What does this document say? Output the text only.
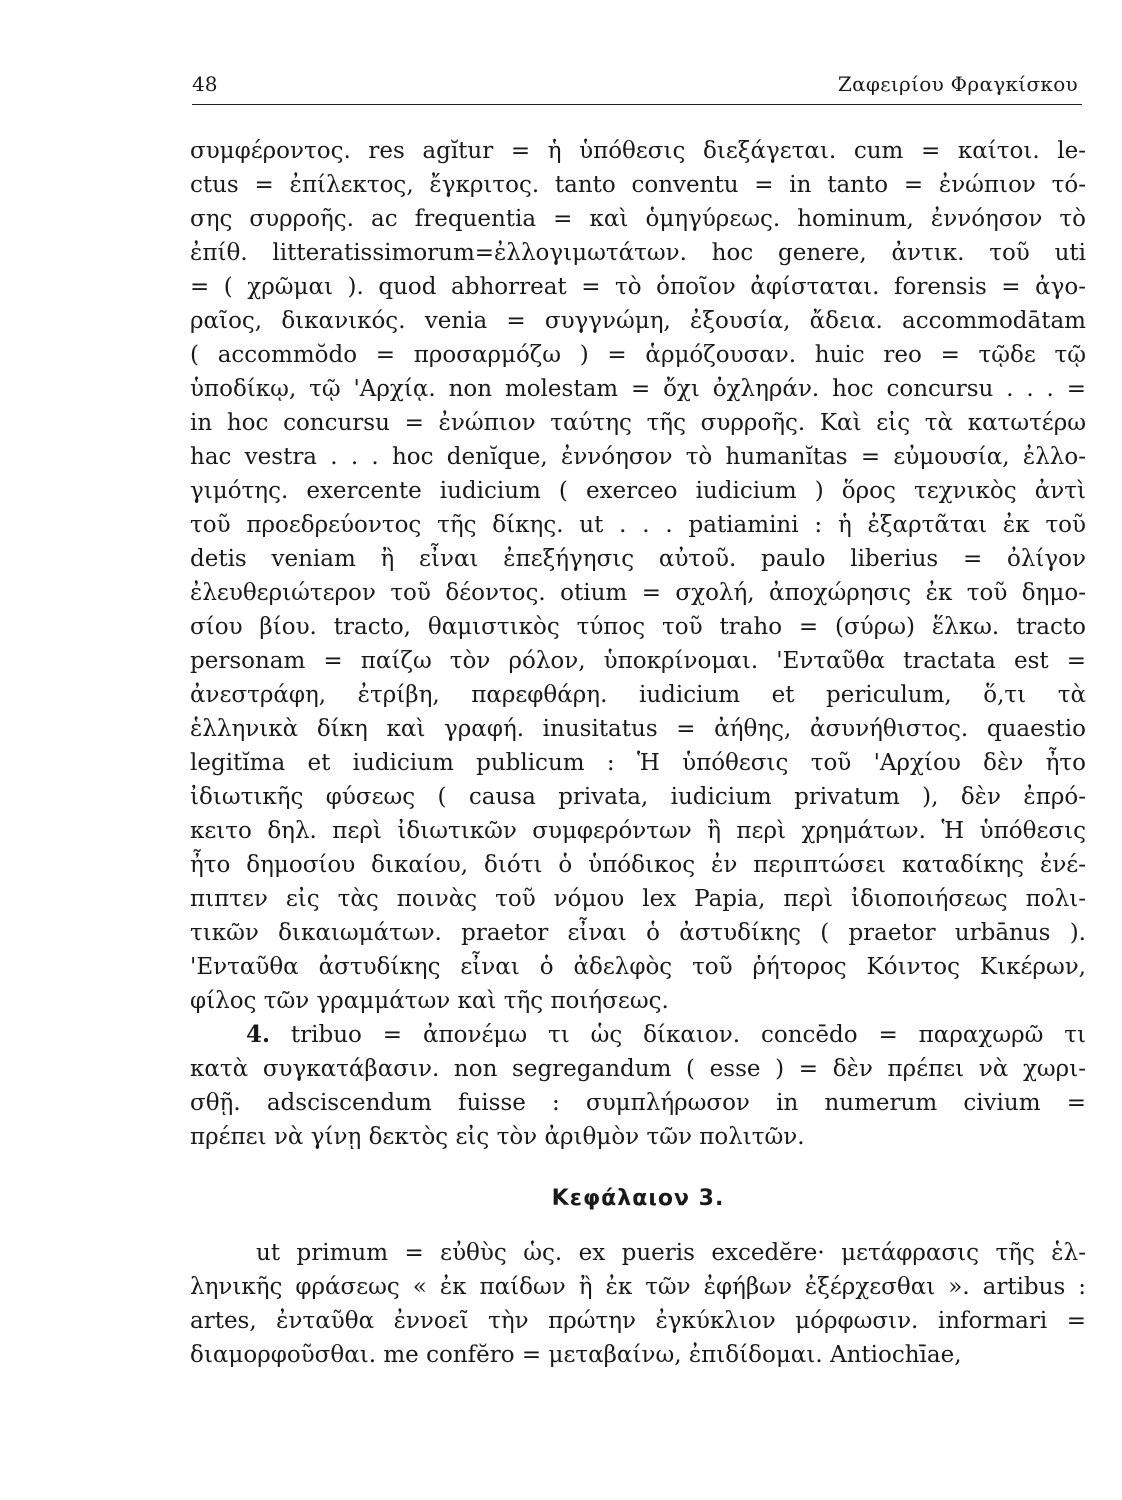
48	Ζαφειρίου Φραγκίσκου
συμφέροντος. res agĭtur = ἡ ὑπόθεσις διεξάγεται. cum = καίτοι. le-
ctus = ἐπίλεκτος, ἔγκριτος. tanto conventu = in tanto = ἐνώπιον τό-
σης συρροῆς. ac frequentia = καὶ ὁμηγύρεως. hominum, ἐννόησον τὸ
ἐπίθ. litteratissimorum=ἐλλογιμωτάτων. hoc genere, ἀντικ. τοῦ uti
= ( χρῶμαι ). quod abhorreat = τὸ ὁποῖον ἀφίσταται. forensis = ἀγο-
ραῖος, δικανικός. venia = συγγνώμη, ἐξουσία, ἄδεια. accommodātam
( accommŏdo = προσαρμόζω ) = ἁρμόζουσαν. huic reo = τῷδε τῷ
ὑποδίκῳ, τῷ 'Αρχίᾳ. non molestam = ὄχι ὀχληράν. hoc concursu . . . =
in hoc concursu = ἐνώπιον ταύτης τῆς συρροῆς. Καὶ εἰς τὰ κατωτέρω
hac vestra . . . hoc denĭque, ἐννόησον τὸ humanĭtas = εὐμουσία, ἐλλο-
γιμότης. exercente iudicium ( exerceo iudicium ) ὅρος τεχνικὸς ἀντὶ
τοῦ προεδρεύοντος τῆς δίκης. ut . . . patiamini : ἡ ἐξαρτᾶται ἐκ τοῦ
detis veniam ἢ εἶναι ἐπεξήγησις αὐτοῦ. paulo liberius = ὀλίγον
ἐλευθεριώτερον τοῦ δέοντος. otium = σχολή, ἀποχώρησις ἐκ τοῦ δημο-
σίου βίου. tracto, θαμιστικὸς τύπος τοῦ traho = (σύρω) ἕλκω. tracto
personam = παίζω τὸν ρόλον, ὑποκρίνομαι. 'Ενταῦθα tractata est =
ἀνεστράφη, ἐτρίβη, παρεφθάρη. iudicium et periculum, ὅ,τι τὰ
ἑλληνικὰ δίκη καὶ γραφή. inusitatus = ἀήθης, ἀσυνήθιστος. quaestio
legitĭma et iudicium publicum : Ἡ ὑπόθεσις τοῦ 'Αρχίου δὲν ἦτο
ἰδιωτικῆς φύσεως ( causa privata, iudicium privatum ), δὲν ἐπρό-
κειτο δηλ. περὶ ἰδιωτικῶν συμφερόντων ἢ περὶ χρημάτων. Ἡ ὑπόθεσις
ἦτο δημοσίου δικαίου, διότι ὁ ὑπόδικος ἐν περιπτώσει καταδίκης ἐνέ-
πιπτεν εἰς τὰς ποινὰς τοῦ νόμου lex Papia, περὶ ἰδιοποιήσεως πολι-
τικῶν δικαιωμάτων. praetor εἶναι ὁ ἀστυδίκης ( praetor urbānus ).
'Ενταῦθα ἀστυδίκης εἶναι ὁ ἀδελφὸς τοῦ ῥήτορος Κόιντος Κικέρων,
φίλος τῶν γραμμάτων καὶ τῆς ποιήσεως.
4. tribuo = ἀπονέμω τι ὡς δίκαιον. concēdo = παραχωρῶ τι
κατὰ συγκατάβασιν. non segregandum ( esse ) = δὲν πρέπει νὰ χωρι-
σθῇ. adsciscendum fuisse : συμπλήρωσον in numerum civium =
πρέπει νὰ γίνῃ δεκτὸς εἰς τὸν ἀριθμὸν τῶν πολιτῶν.
Κεφάλαιον 3.
ut primum = εὐθὺς ὡς. ex pueris excedĕre· μετάφρασις τῆς ἑλ-
ληνικῆς φράσεως « ἐκ παίδων ἢ ἐκ τῶν ἐφήβων ἐξέρχεσθαι ». artibus :
artes, ἐνταῦθα ἐννοεῖ τὴν πρώτην ἐγκύκλιον μόρφωσιν. informari =
διαμορφοῦσθαι. me confĕro = μεταβαίνω, ἐπιδίδομαι. Antiochīae,
